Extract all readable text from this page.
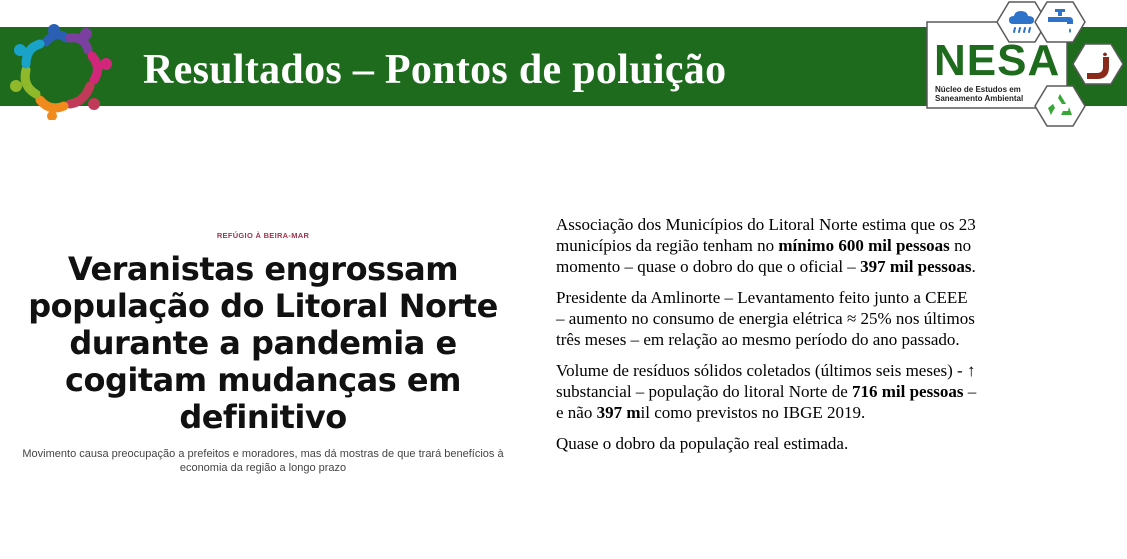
Resultados – Pontos de poluição	NESA
Núcleo de Estudos em
Saneamento Ambiental
REFÚGIO À BEIRA-MAR
Veranistas engrossam
população do Litoral Norte
durante a pandemia e
cogitam mudanças em
definitivo
Movimento causa preocupação a prefeitos e moradores, mas dá mostras de que trará benefícios à
economia da região a longo prazo

Associação dos Municípios do Litoral Norte estima que os 23
municípios da região tenham no mínimo 600 mil pessoas no
momento – quase o dobro do que o oficial – 397 mil pessoas.

Presidente da Amlinorte – Levantamento feito junto a CEEE
– aumento no consumo de energia elétrica ≈ 25% nos últimos
três meses – em relação ao mesmo período do ano passado.

Volume de resíduos sólidos coletados (últimos seis meses) - ↑
substancial – população do litoral Norte de 716 mil pessoas –
e não 397 mil como previstos no IBGE 2019.

Quase o dobro da população real estimada.
